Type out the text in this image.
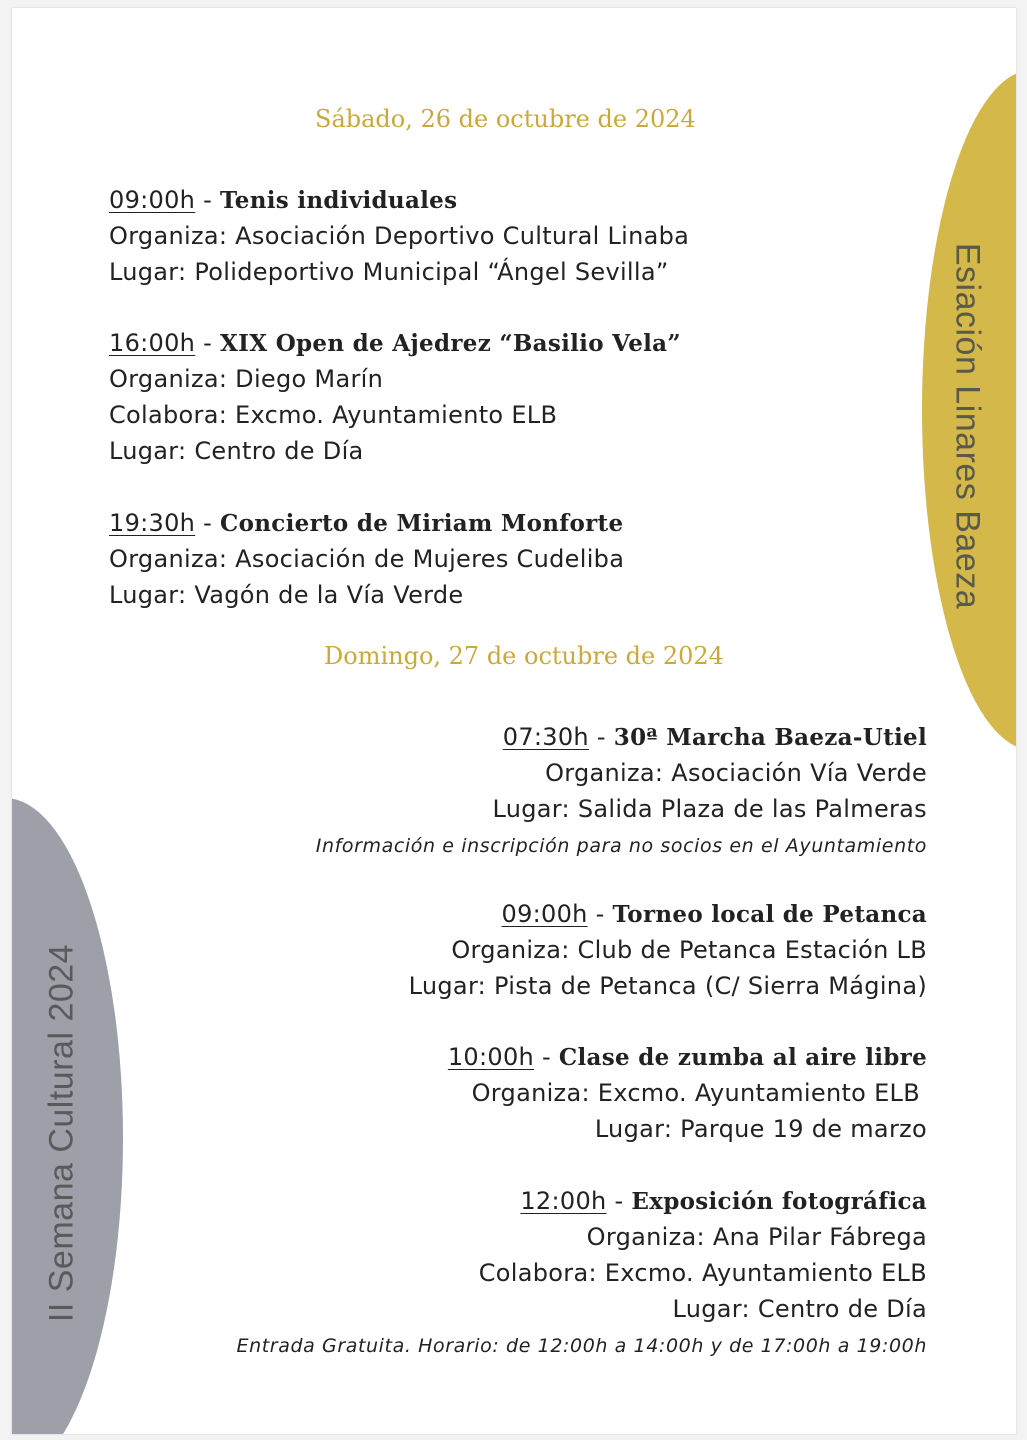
Esiación Linares Baeza
II Semana Cultural 2024
Sábado, 26 de octubre de 2024
09:00h - Tenis individuales
Organiza: Asociación Deportivo Cultural Linaba
Lugar: Polideportivo Municipal “Ángel Sevilla”
16:00h - XIX Open de Ajedrez “Basilio Vela”
Organiza: Diego Marín
Colabora: Excmo. Ayuntamiento ELB
Lugar: Centro de Día
19:30h - Concierto de Miriam Monforte
Organiza: Asociación de Mujeres Cudeliba
Lugar: Vagón de la Vía Verde
Domingo, 27 de octubre de 2024
07:30h - 30ª Marcha Baeza-Utiel
Organiza: Asociación Vía Verde
Lugar: Salida Plaza de las Palmeras
Información e inscripción para no socios en el Ayuntamiento
09:00h - Torneo local de Petanca
Organiza: Club de Petanca Estación LB
Lugar: Pista de Petanca (C/ Sierra Mágina)
10:00h - Clase de zumba al aire libre
Organiza: Excmo. Ayuntamiento ELB
Lugar: Parque 19 de marzo
12:00h - Exposición fotográfica
Organiza: Ana Pilar Fábrega
Colabora: Excmo. Ayuntamiento ELB
Lugar: Centro de Día
Entrada Gratuita. Horario: de 12:00h a 14:00h y de 17:00h a 19:00h
